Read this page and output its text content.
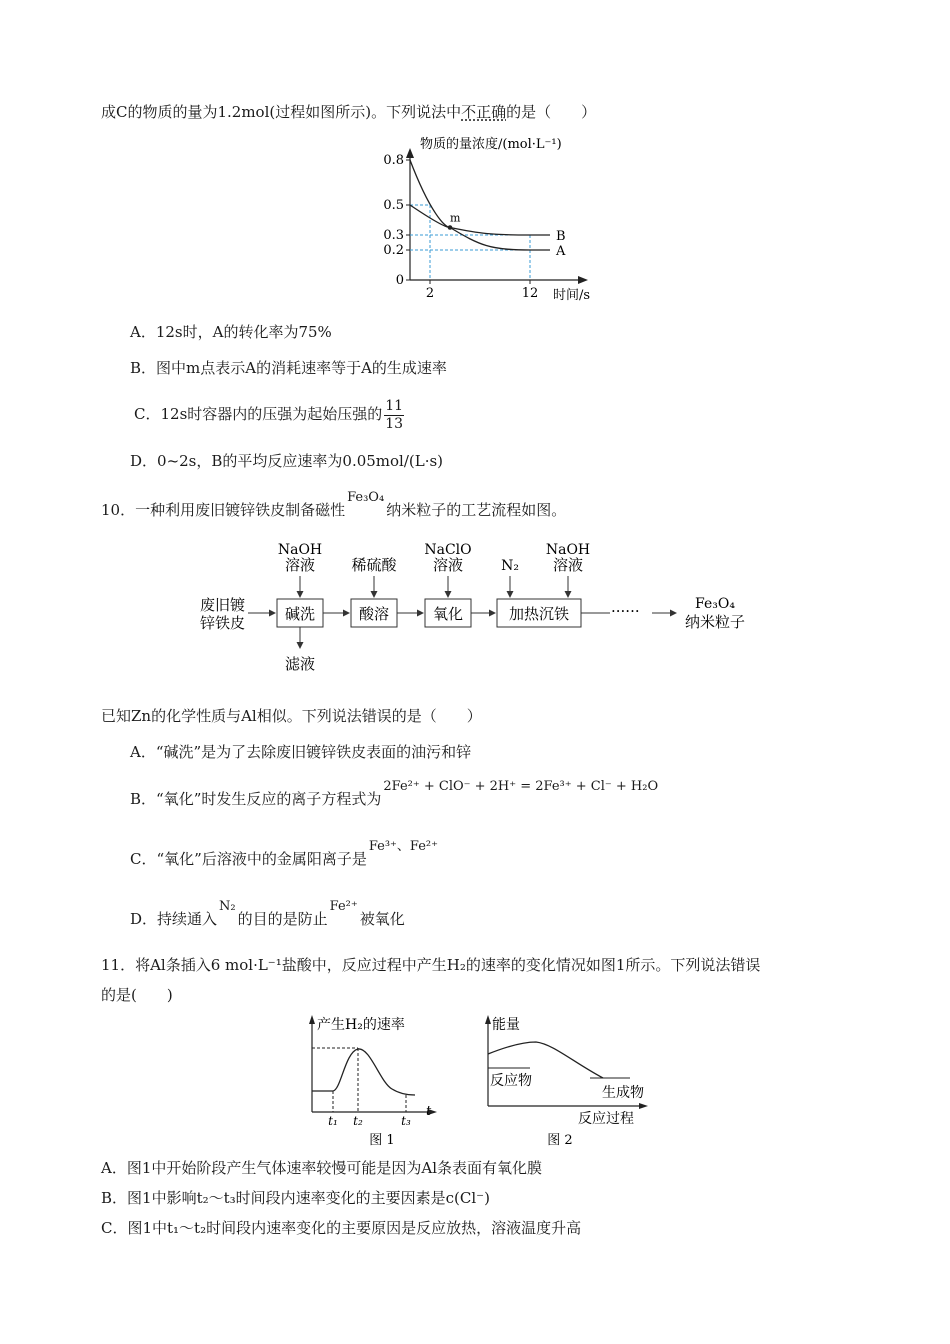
成C的物质的量为1.2mol(过程如图所示)。下列说法中不正确的是（　　）
物质的量浓度/(mol·L⁻¹)
0.8
0.5
0.3
0.2
0
2	12
m
A
B
时间/s
A．12s时，A的转化率为75%
B．图中m点表示A的消耗速率等于A的生成速率
C．12s时容器内的压强为起始压强的 $\frac{11}{13}$
D．0~2s，B的平均反应速率为0.05mol/(L·s)
10．一种利用废旧镀锌铁皮制备磁性Fe₃O₄纳米粒子的工艺流程如图。
废旧镀
锌铁皮	碱洗
NaOH
溶液
滤液
酸溶
稀硫酸
氧化
NaClO
溶液
加热沉铁
N₂
NaOH
溶液
······	Fe₃O₄
纳米粒子
已知Zn的化学性质与Al相似。下列说法错误的是（　　）
A．“碱洗”是为了去除废旧镀锌铁皮表面的油污和锌
B．“氧化”时发生反应的离子方程式为2Fe²⁺ + ClO⁻ + 2H⁺ = 2Fe³⁺ + Cl⁻ + H₂O
C．“氧化”后溶液中的金属阳离子是Fe³⁺、Fe²⁺
D．持续通入N₂的目的是防止Fe²⁺被氧化
11．将Al条插入6 mol·L⁻¹盐酸中，反应过程中产生H₂的速率的变化情况如图1所示。下列说法错误
的是(　　)
产生H₂的速率
t₁ t₂	t₃
t
图 1
能量
反应物
生成物
反应过程
图 2
A．图1中开始阶段产生气体速率较慢可能是因为Al条表面有氧化膜
B．图1中影响t₂～t₃时间段内速率变化的主要因素是c(Cl⁻)
C．图1中t₁～t₂时间段内速率变化的主要原因是反应放热，溶液温度升高
